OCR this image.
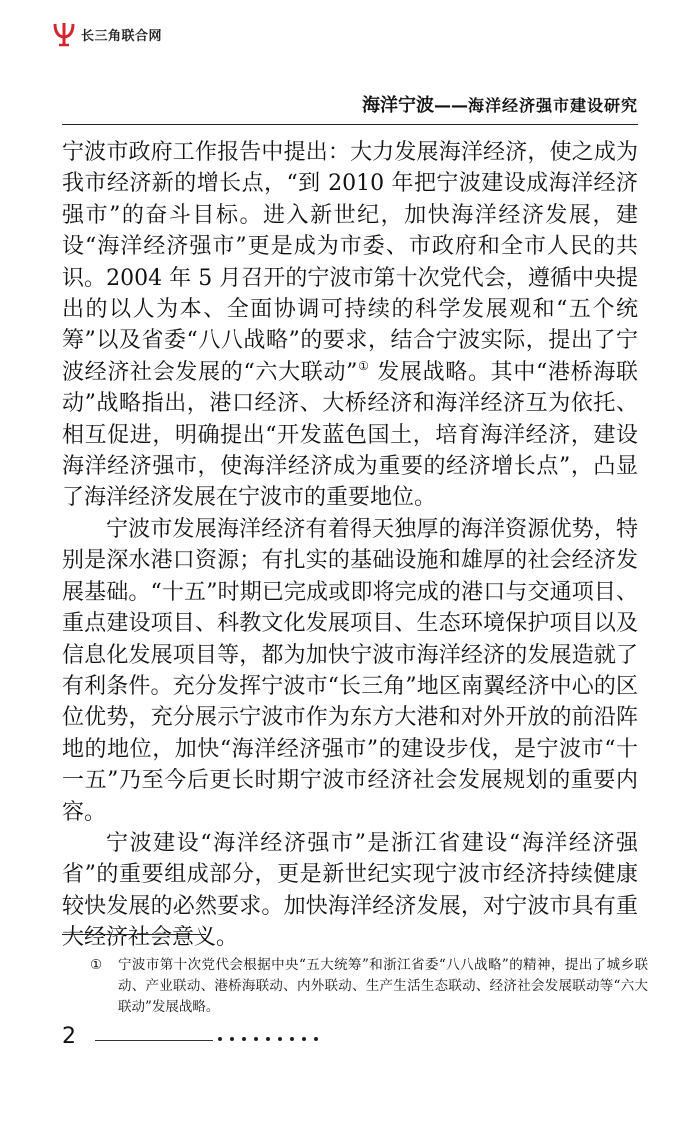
长三角联合网
海洋宁波——海洋经济强市建设研究

宁波市政府工作报告中提出：大力发展海洋经济，使之成为我市经济新的增长点，“到 2010 年把宁波建设成海洋经济强市”的奋斗目标。进入新世纪，加快海洋经济发展，建设“海洋经济强市”更是成为市委、市政府和全市人民的共识。2004 年 5 月召开的宁波市第十次党代会，遵循中央提出的以人为本、全面协调可持续的科学发展观和“五个统筹”以及省委“八八战略”的要求，结合宁波实际，提出了宁波经济社会发展的“六大联动”① 发展战略。其中“港桥海联动”战略指出，港口经济、大桥经济和海洋经济互为依托、相互促进，明确提出“开发蓝色国土，培育海洋经济，建设海洋经济强市，使海洋经济成为重要的经济增长点”，凸显了海洋经济发展在宁波市的重要地位。

宁波市发展海洋经济有着得天独厚的海洋资源优势，特别是深水港口资源；有扎实的基础设施和雄厚的社会经济发展基础。“十五”时期已完成或即将完成的港口与交通项目、重点建设项目、科教文化发展项目、生态环境保护项目以及信息化发展项目等，都为加快宁波市海洋经济的发展造就了有利条件。充分发挥宁波市“长三角”地区南翼经济中心的区位优势，充分展示宁波市作为东方大港和对外开放的前沿阵地的地位，加快“海洋经济强市”的建设步伐，是宁波市“十一五”乃至今后更长时期宁波市经济社会发展规划的重要内容。

宁波建设“海洋经济强市”是浙江省建设“海洋经济强省”的重要组成部分，更是新世纪实现宁波市经济持续健康较快发展的必然要求。加快海洋经济发展，对宁波市具有重大经济社会意义。

① 宁波市第十次党代会根据中央“五大统筹”和浙江省委“八八战略”的精神，提出了城乡联动、产业联动、港桥海联动、内外联动、生产生活生态联动、经济社会发展联动等“六大联动”发展战略。
2
